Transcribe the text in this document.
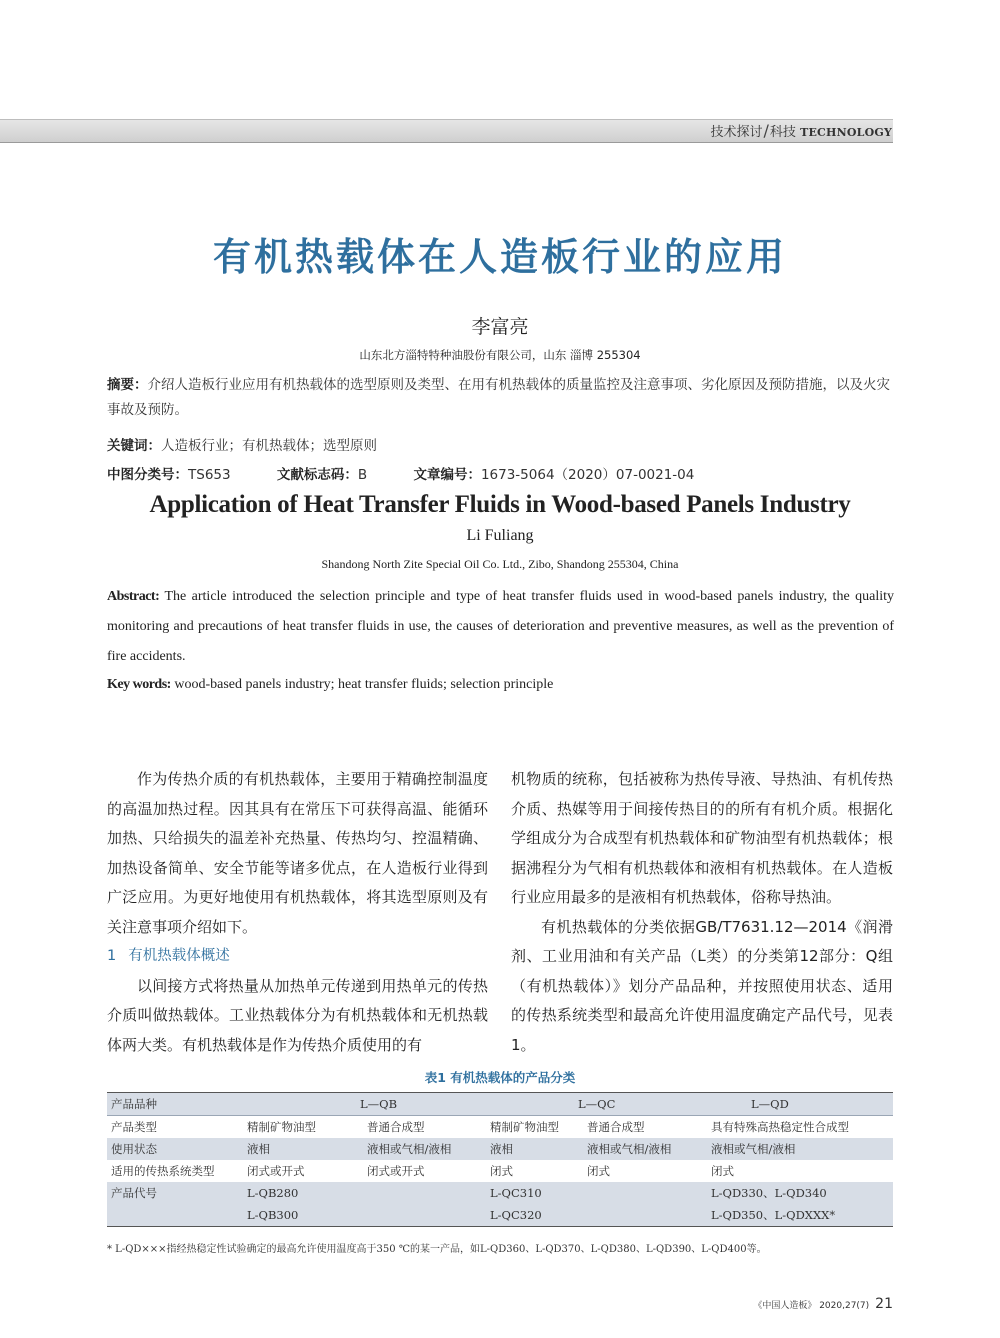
技术探讨/科技 TECHNOLOGY
有机热载体在人造板行业的应用
李富亮
山东北方淄特特种油股份有限公司，山东 淄博 255304
摘要：介绍人造板行业应用有机热载体的选型原则及类型、在用有机热载体的质量监控及注意事项、劣化原因及预防措施，以及火灾事故及预防。
关键词：人造板行业；有机热载体；选型原则
中图分类号：TS653	文献标志码：B	文章编号：1673-5064（2020）07-0021-04
Application of Heat Transfer Fluids in Wood-based Panels Industry
Li Fuliang
Shandong North Zite Special Oil Co. Ltd., Zibo, Shandong 255304, China
Abstract: The article introduced the selection principle and type of heat transfer fluids used in wood-based panels industry, the quality monitoring and precautions of heat transfer fluids in use, the causes of deterioration and preventive measures, as well as the prevention of fire accidents.
Key words: wood-based panels industry; heat transfer fluids; selection principle

作为传热介质的有机热载体，主要用于精确控制温度的高温加热过程。因其具有在常压下可获得高温、能循环加热、只给损失的温差补充热量、传热均匀、控温精确、加热设备简单、安全节能等诸多优点，在人造板行业得到广泛应用。为更好地使用有机热载体，将其选型原则及有关注意事项介绍如下。

1 有机热载体概述

以间接方式将热量从加热单元传递到用热单元的传热介质叫做热载体。工业热载体分为有机热载体和无机热载体两大类。有机热载体是作为传热介质使用的有

机物质的统称，包括被称为热传导液、导热油、有机传热介质、热媒等用于间接传热目的的所有有机介质。根据化学组成分为合成型有机热载体和矿物油型有机热载体；根据沸程分为气相有机热载体和液相有机热载体。在人造板行业应用最多的是液相有机热载体，俗称导热油。

有机热载体的分类依据GB/T7631.12—2014《润滑剂、工业用油和有关产品（L类）的分类第12部分：Q组（有机热载体）》划分产品品种，并按照使用状态、适用的传热系统类型和最高允许使用温度确定产品代号，见表1。

表1 有机热载体的产品分类
产品品种	L—QB		L—QC		L—QD
产品类型	精制矿物油型	普通合成型	精制矿物油型	普通合成型	具有特殊高热稳定性合成型
使用状态	液相	液相或气相/液相	液相	液相或气相/液相	液相或气相/液相
适用的传热系统类型	闭式或开式	闭式或开式	闭式	闭式	闭式
产品代号	L-QB280		L-QC310		L-QD330、L-QD340
	L-QB300		L-QC320		L-QD350、L-QDXXX*
* L-QD×××指经热稳定性试验确定的最高允许使用温度高于350 ℃的某一产品，如L-QD360、L-QD370、L-QD380、L-QD390、L-QD400等。
《中国人造板》 2020,27(7) 21
